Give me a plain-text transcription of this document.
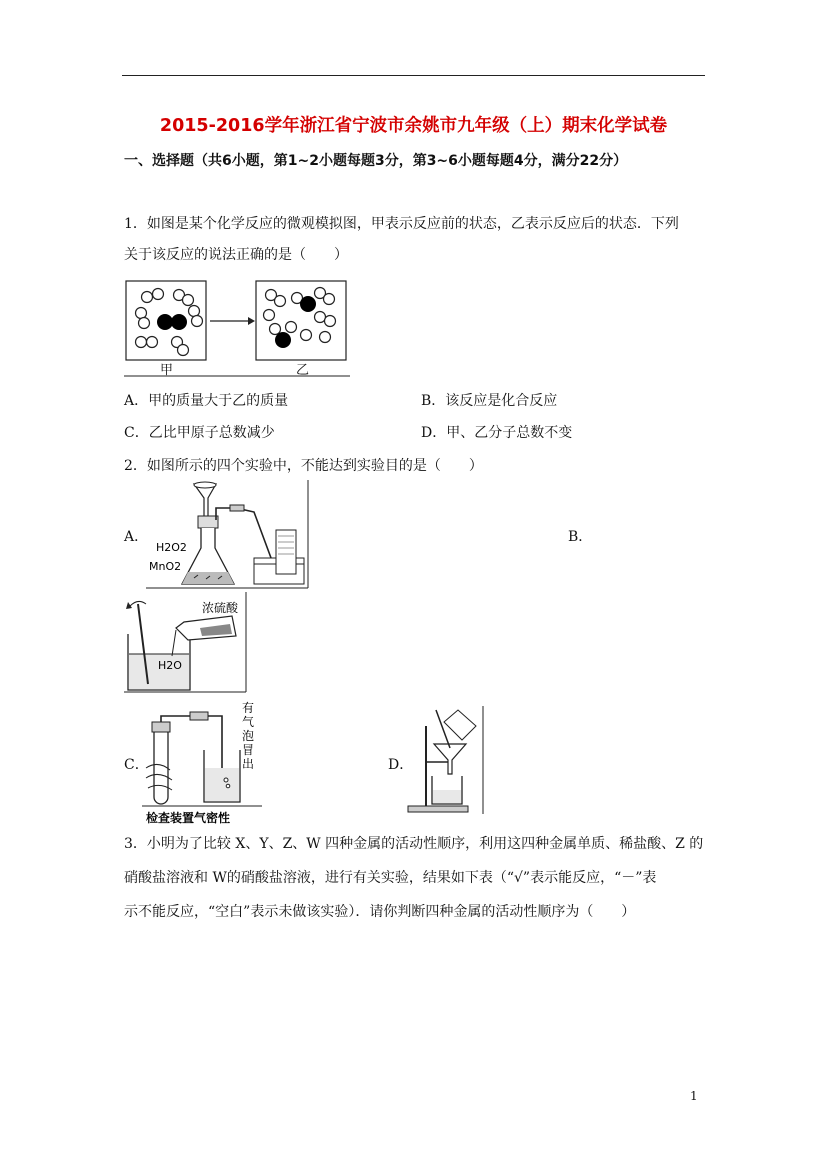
2015-2016学年浙江省宁波市余姚市九年级（上）期末化学试卷
一、选择题（共6小题，第1~2小题每题3分，第3~6小题每题4分，满分22分）
1．如图是某个化学反应的微观模拟图，甲表示反应前的状态，乙表示反应后的状态．下列
关于该反应的说法正确的是（　　）
甲	乙
A．甲的质量大于乙的质量	B．该反应是化合反应
C．乙比甲原子总数减少	D．甲、乙分子总数不变
2．如图所示的四个实验中，不能达到实验目的是（　　）
A．	B．
H2O2
MnO2
浓硫酸
H2O
C．	D．
有 气 泡 冒 出
检查装置气密性
3．小明为了比较 X、Y、Z、W 四种金属的活动性顺序，利用这四种金属单质、稀盐酸、Z 的
硝酸盐溶液和 W的硝酸盐溶液，进行有关实验，结果如下表（“√”表示能反应，“－”表
示不能反应，“空白”表示未做该实验）．请你判断四种金属的活动性顺序为（　　）
1
